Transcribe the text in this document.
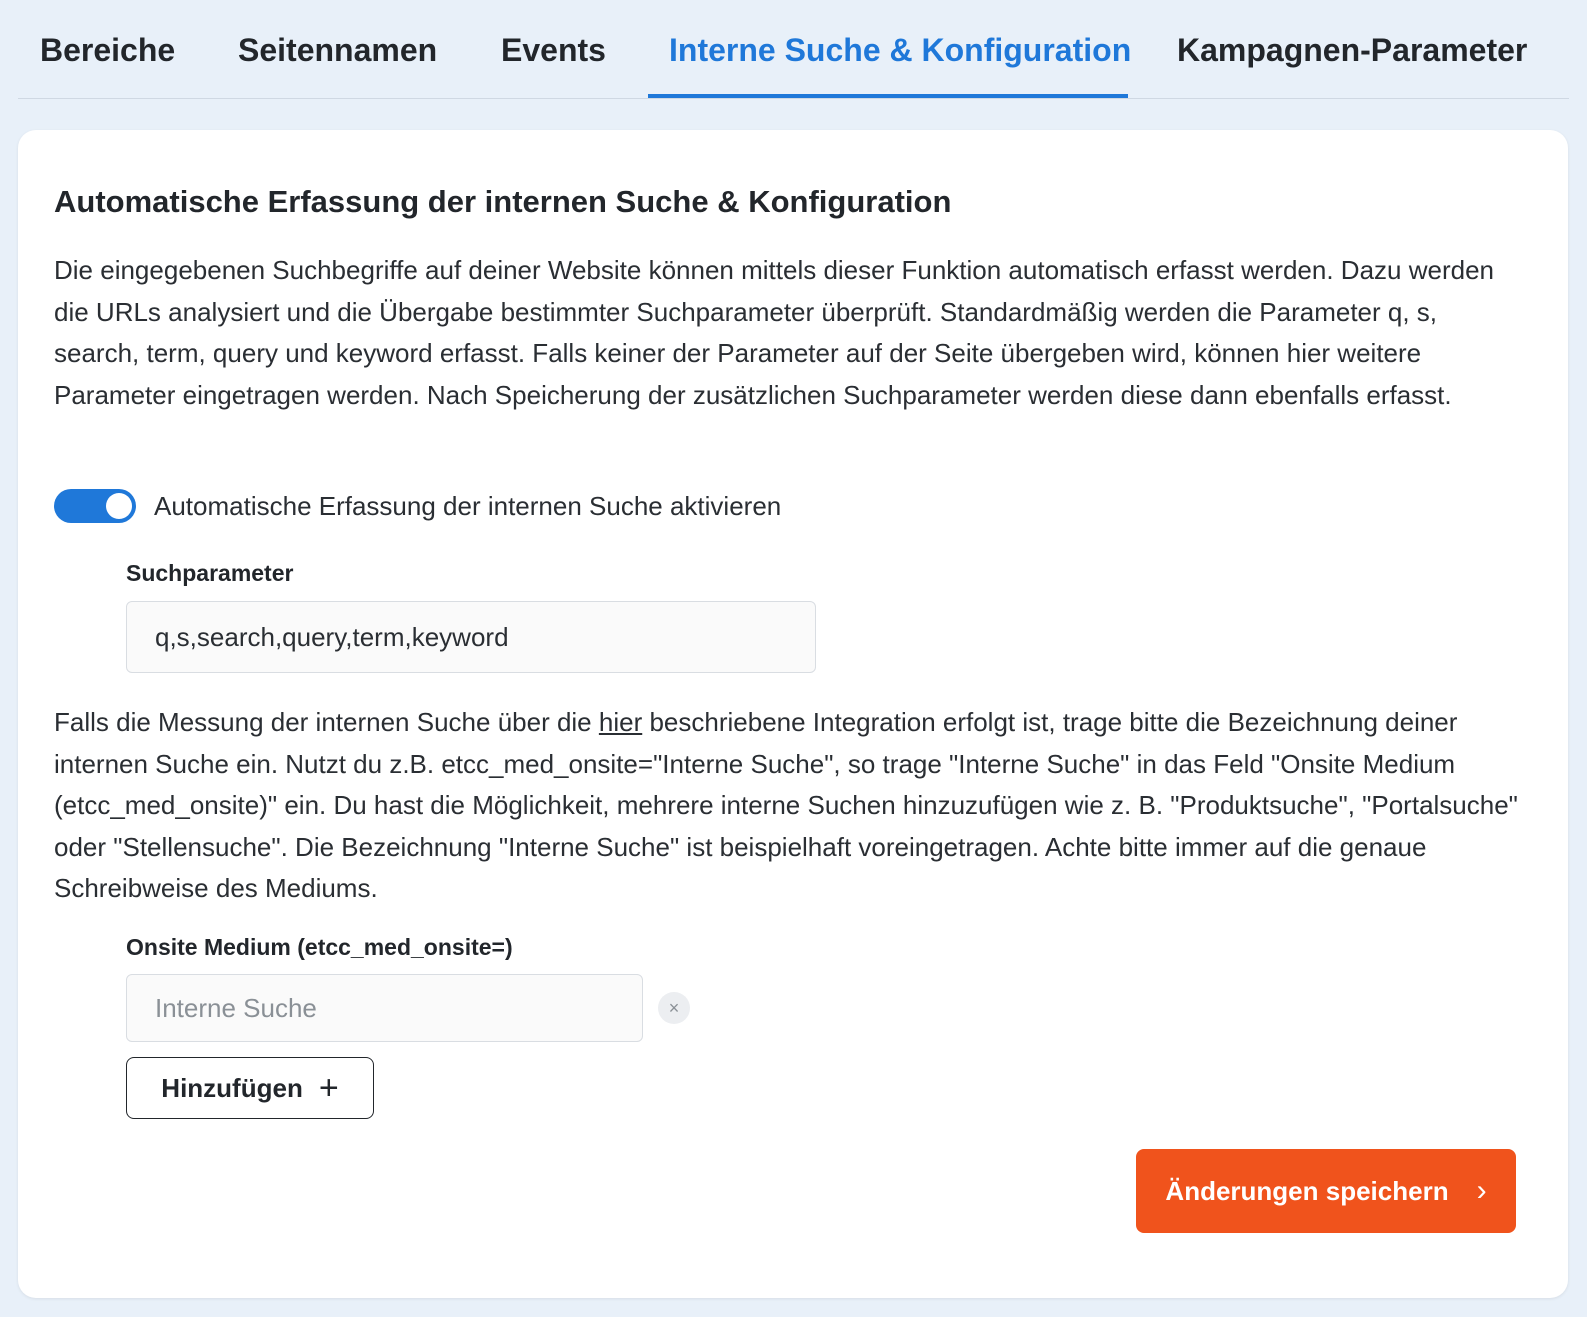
Bereiche Seitennamen Events Interne Suche & Konfiguration Kampagnen-Parameter
Automatische Erfassung der internen Suche & Konfiguration
Die eingegebenen Suchbegriffe auf deiner Website können mittels dieser Funktion automatisch erfasst werden. Dazu werden die URLs analysiert und die Übergabe bestimmter Suchparameter überprüft. Standardmäßig werden die Parameter q, s, search, term, query und keyword erfasst. Falls keiner der Parameter auf der Seite übergeben wird, können hier weitere Parameter eingetragen werden. Nach Speicherung der zusätzlichen Suchparameter werden diese dann ebenfalls erfasst.
Automatische Erfassung der internen Suche aktivieren
Suchparameter
q,s,search,query,term,keyword
Falls die Messung der internen Suche über die hier beschriebene Integration erfolgt ist, trage bitte die Bezeichnung deiner internen Suche ein. Nutzt du z.B. etcc_med_onsite="Interne Suche", so trage "Interne Suche" in das Feld "Onsite Medium (etcc_med_onsite)" ein. Du hast die Möglichkeit, mehrere interne Suchen hinzuzufügen wie z. B. "Produktsuche", "Portalsuche" oder "Stellensuche". Die Bezeichnung "Interne Suche" ist beispielhaft voreingetragen. Achte bitte immer auf die genaue Schreibweise des Mediums.
Onsite Medium (etcc_med_onsite=)
Interne Suche
×
Hinzufügen +
Änderungen speichern ›
